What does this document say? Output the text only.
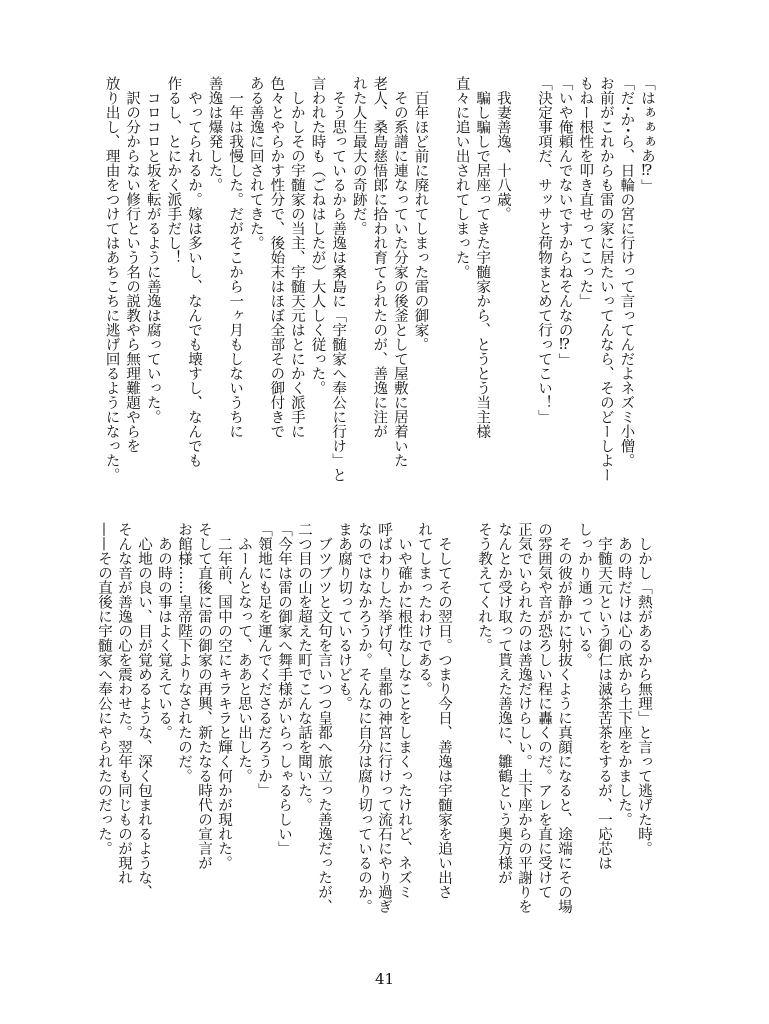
「はぁぁぁあ⁉」
「だ･か･ら、日輪の宮に行けって言ってんだよネズミ小僧。
お前がこれからも雷の家に居たいってんなら、そのどーしよー
もねー根性を叩き直せってこった」
「いや俺頼んでないですからねそんなの⁉」
「決定事項だ、サッサと荷物まとめて行ってこい！」
　我妻善逸、十八歳。
　騙し騙しで居座ってきた宇髄家から、とうとう当主様
直々に追い出されてしまった。
　百年ほど前に廃れてしまった雷の御家。
　その系譜に連なっていた分家の後釜として屋敷に居着いた
老人、桑島慈悟郎に拾われ育てられたのが、善逸に注が
れた人生最大の奇跡だ。
　そう思っているから善逸は桑島に「宇髄家へ奉公に行け」と
言われた時も（ごねはしたが）大人しく従った。
　しかしその宇髄家の当主、宇髄天元はとにかく派手に
色々とやらかす性分で、後始末はほぼ全部その御付きで
ある善逸に回されてきた。
　一年は我慢した。だがそこから一ヶ月もしないうちに
善逸は爆発した。
　やってられるか。嫁は多いし、なんでも壊すし、なんでも
作るし、とにかく派手だし！
　コロコロと坂を転がるように善逸は腐っていった。
　訳の分からない修行という名の説教やら無理難題やらを
放り出し、理由をつけてはあちこちに逃げ回るようになった。
　しかし「熱があるから無理」と言って逃げた時。
　あの時だけは心の底から土下座をかました。
　宇髄天元という御仁は滅茶苦茶をするが、一応芯は
しっかり通っている。
　その彼が静かに射抜くように真顔になると、途端にその場
の雰囲気や音が恐ろしい程に轟くのだ。アレを直に受けて
正気でいられたのは善逸だけらしい。土下座からの平謝りを
なんとか受け取って貰えた善逸に、雛鶴という奥方様が
そう教えてくれた。
　そしてその翌日。つまり今日、善逸は宇髄家を追い出さ
れてしまったわけである。
　いや確かに根性なしなことをしまくったけれど、ネズミ
呼ばわりした挙げ句、皇都の神宮に行けって流石にやり過ぎ
なのではなかろうか。そんなに自分は腐り切っているのか。
まあ腐り切っているけども。
　ブツブツと文句を言いつつ皇都へ旅立った善逸だったが、
二つ目の山を超えた町でこんな話を聞いた。
「今年は雷の御家へ舞手様がいらっしゃるらしい」
「領地にも足を運んでくださるだろうか」
　ふーんとなって、ああと思い出した。
　二年前、国中の空にキラキラと輝く何かが現れた。
そして直後に雷の御家の再興、新たなる時代の宣言が
お館様……皇帝陛下よりなされたのだ。
　あの時の事はよく覚えている。
　心地の良い、目が覚めるような、深く包まれるような、
そんな音が善逸の心を震わせた。翌年も同じものが現れ
——その直後に宇髄家へ奉公にやられたのだった。
41
